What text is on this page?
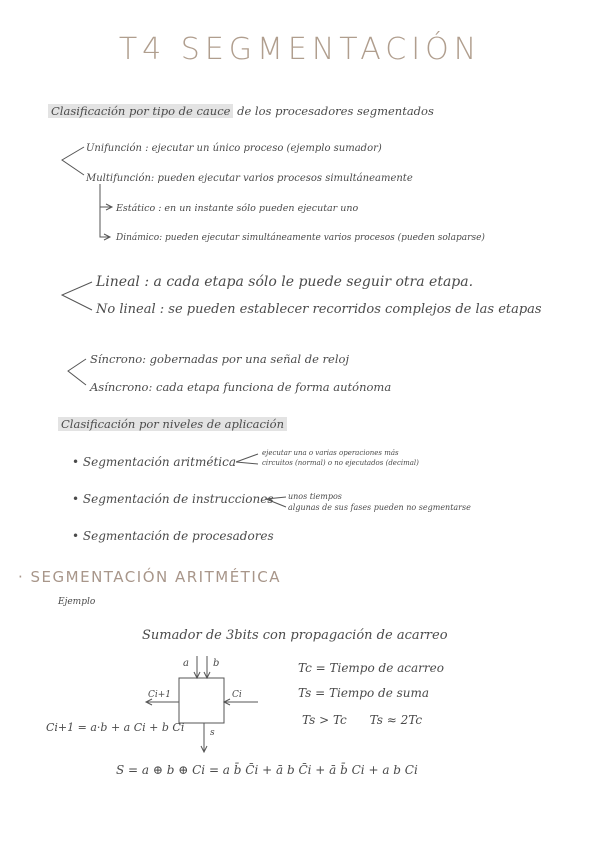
T4 SEGMENTACIÓN
Clasificación por tipo de cauce de los procesadores segmentados
Unifunción : ejecutar un único proceso (ejemplo sumador)
Multifunción: pueden ejecutar varios procesos simultáneamente
Estático : en un instante sólo pueden ejecutar uno
Dinámico: pueden ejecutar simultáneamente varios procesos (pueden solaparse)
Lineal : a cada etapa sólo le puede seguir otra etapa.
No lineal : se pueden establecer recorridos complejos de las etapas
Síncrono: gobernadas por una señal de reloj
Asíncrono: cada etapa funciona de forma autónoma
Clasificación por niveles de aplicación
• Segmentación aritmética
ejecutar una o varias operaciones más
circuitos (normal) o no ejecutados (decimal)
• Segmentación de instrucciones unos tiempos
algunas de sus fases pueden no segmentarse
• Segmentación de procesadores
· SEGMENTACIÓN ARITMÉTICA
Ejemplo
Sumador de 3bits con propagación de acarreo
a b
Ci+1	Ci
s
Ci+1 = a·b + a Ci + b Ci
Tc = Tiempo de acarreo
Ts = Tiempo de suma
Ts > Tc      Ts ≈ 2Tc
S = a ⊕ b ⊕ Ci = a b̄ C̄i + ā b C̄i + ā b̄ Ci + a b Ci
